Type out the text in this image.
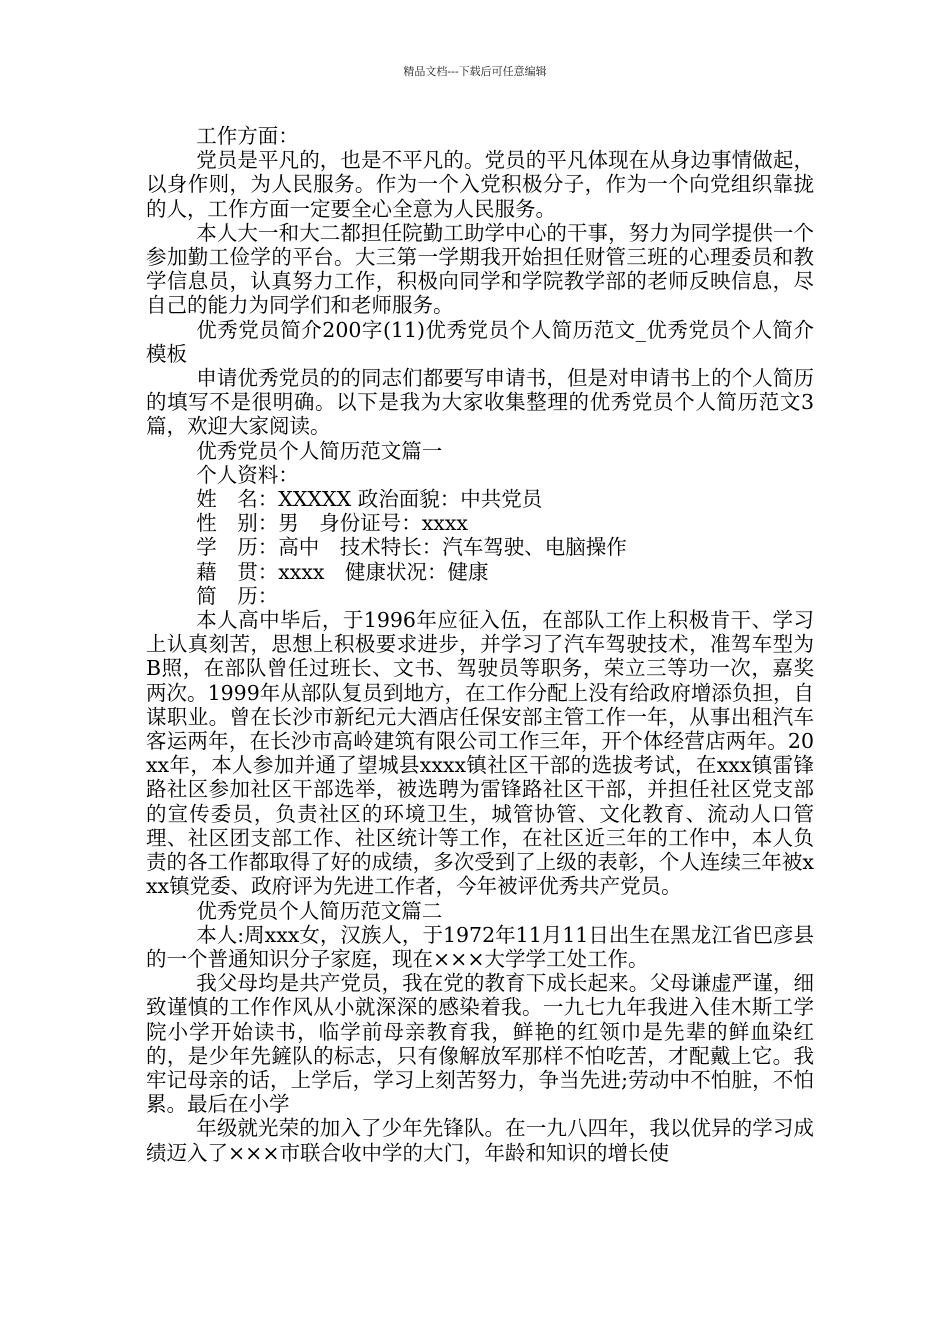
精品文档---下载后可任意编辑

工作方面：

党员是平凡的，也是不平凡的。党员的平凡体现在从身边事情做起，以身作则，为人民服务。作为一个入党积极分子，作为一个向党组织靠拢的人，工作方面一定要全心全意为人民服务。

本人大一和大二都担任院勤工助学中心的干事，努力为同学提供一个参加勤工俭学的平台。大三第一学期我开始担任财管三班的心理委员和教学信息员，认真努力工作，积极向同学和学院教学部的老师反映信息，尽自己的能力为同学们和老师服务。

优秀党员简介200字(11)优秀党员个人简历范文_优秀党员个人简介模板

申请优秀党员的的同志们都要写申请书，但是对申请书上的个人简历的填写不是很明确。以下是我为大家收集整理的优秀党员个人简历范文3篇，欢迎大家阅读。

优秀党员个人简历范文篇一

个人资料：

姓　名：XXXXX 政治面貌：中共党员

性　别：男　身份证号：xxxx

学　历：高中　技术特长：汽车驾驶、电脑操作

藉　贯：xxxx　健康状况：健康

简　历：

本人高中毕后，于1996年应征入伍，在部队工作上积极肯干、学习上认真刻苦，思想上积极要求进步，并学习了汽车驾驶技术，准驾车型为B照，在部队曾任过班长、文书、驾驶员等职务，荣立三等功一次，嘉奖两次。1999年从部队复员到地方，在工作分配上没有给政府增添负担，自谋职业。曾在长沙市新纪元大酒店任保安部主管工作一年，从事出租汽车客运两年，在长沙市高岭建筑有限公司工作三年，开个体经营店两年。20xx年，本人参加并通了望城县xxxx镇社区干部的选拔考试，在xxx镇雷锋路社区参加社区干部选举，被选聘为雷锋路社区干部，并担任社区党支部的宣传委员，负责社区的环境卫生，城管协管、文化教育、流动人口管理、社区团支部工作、社区统计等工作，在社区近三年的工作中，本人负责的各工作都取得了好的成绩，多次受到了上级的表彰，个人连续三年被xxx镇党委、政府评为先进工作者，今年被评优秀共产党员。

优秀党员个人简历范文篇二

本人:周xxx女，汉族人，于1972年11月11日出生在黑龙江省巴彦县的一个普通知识分子家庭，现在×××大学学工处工作。

我父母均是共产党员，我在党的教育下成长起来。父母谦虚严谨，细致谨慎的工作作风从小就深深的感染着我。一九七九年我进入佳木斯工学院小学开始读书，临学前母亲教育我，鲜艳的红领巾是先辈的鲜血染红的，是少年先鏟队的标志，只有像解放军那样不怕吃苦，才配戴上它。我牢记母亲的话，上学后，学习上刻苦努力，争当先进;劳动中不怕脏，不怕累。最后在小学

年级就光荣的加入了少年先锋队。在一九八四年，我以优异的学习成绩迈入了×××市联合收中学的大门，年龄和知识的增长使
